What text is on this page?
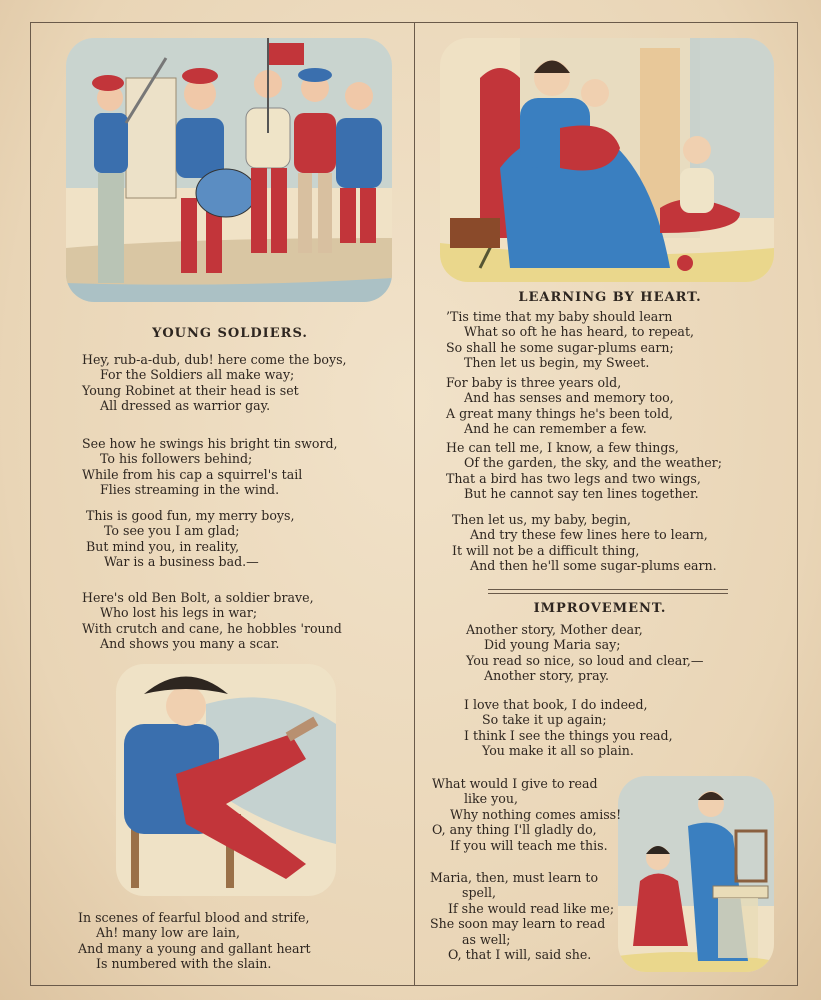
YOUNG SOLDIERS.
Hey, rub-a-dub, dub! here come the boys,
For the Soldiers all make way;
Young Robinet at their head is set
All dressed as warrior gay.
See how he swings his bright tin sword,
To his followers behind;
While from his cap a squirrel's tail
Flies streaming in the wind.
This is good fun, my merry boys,
To see you I am glad;
But mind you, in reality,
War is a business bad.—
Here's old Ben Bolt, a soldier brave,
Who lost his legs in war;
With crutch and cane, he hobbles 'round
And shows you many a scar.
In scenes of fearful blood and strife,
Ah! many low are lain,
And many a young and gallant heart
Is numbered with the slain.
LEARNING BY HEART.
’Tis time that my baby should learn
What so oft he has heard, to repeat,
So shall he some sugar-plums earn;
Then let us begin, my Sweet.
For baby is three years old,
And has senses and memory too,
A great many things he's been told,
And he can remember a few.
He can tell me, I know, a few things,
Of the garden, the sky, and the weather;
That a bird has two legs and two wings,
But he cannot say ten lines together.
Then let us, my baby, begin,
And try these few lines here to learn,
It will not be a difficult thing,
And then he'll some sugar-plums earn.
IMPROVEMENT.
Another story, Mother dear,
Did young Maria say;
You read so nice, so loud and clear,—
Another story, pray.
I love that book, I do indeed,
So take it up again;
I think I see the things you read,
You make it all so plain.
What would I give to read
like you,
Why nothing comes amiss!
O, any thing I'll gladly do,
If you will teach me this.
Maria, then, must learn to
spell,
If she would read like me;
She soon may learn to read
as well;
O, that I will, said she.
